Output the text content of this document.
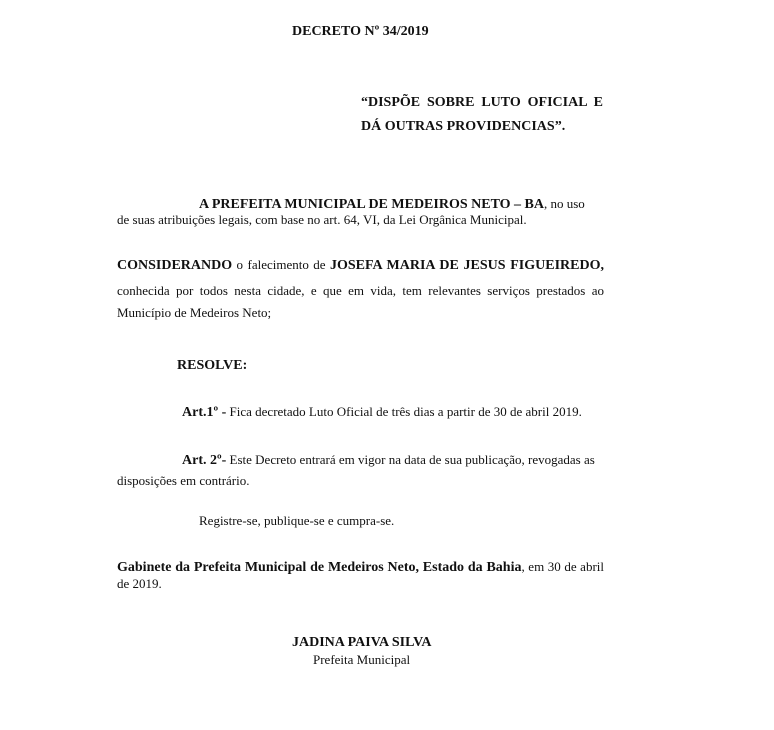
DECRETO Nº 34/2019
“DISPÕE SOBRE LUTO OFICIAL E
DÁ OUTRAS PROVIDENCIAS”.
A PREFEITA MUNICIPAL DE MEDEIROS NETO – BA, no uso
de suas atribuições legais, com base no art. 64, VI, da Lei Orgânica Municipal.
CONSIDERANDO o falecimento de JOSEFA MARIA DE JESUS FIGUEIREDO,
conhecida por todos nesta cidade, e que em vida, tem relevantes serviços prestados ao
Município de Medeiros Neto;
RESOLVE:
Art.1º - Fica decretado Luto Oficial de três dias a partir de 30 de abril 2019.
Art. 2º- Este Decreto entrará em vigor na data de sua publicação, revogadas as
disposições em contrário.
Registre-se, publique-se e cumpra-se.
Gabinete da Prefeita Municipal de Medeiros Neto, Estado da Bahia, em 30 de abril
de 2019.
JADINA PAIVA SILVA
Prefeita Municipal
